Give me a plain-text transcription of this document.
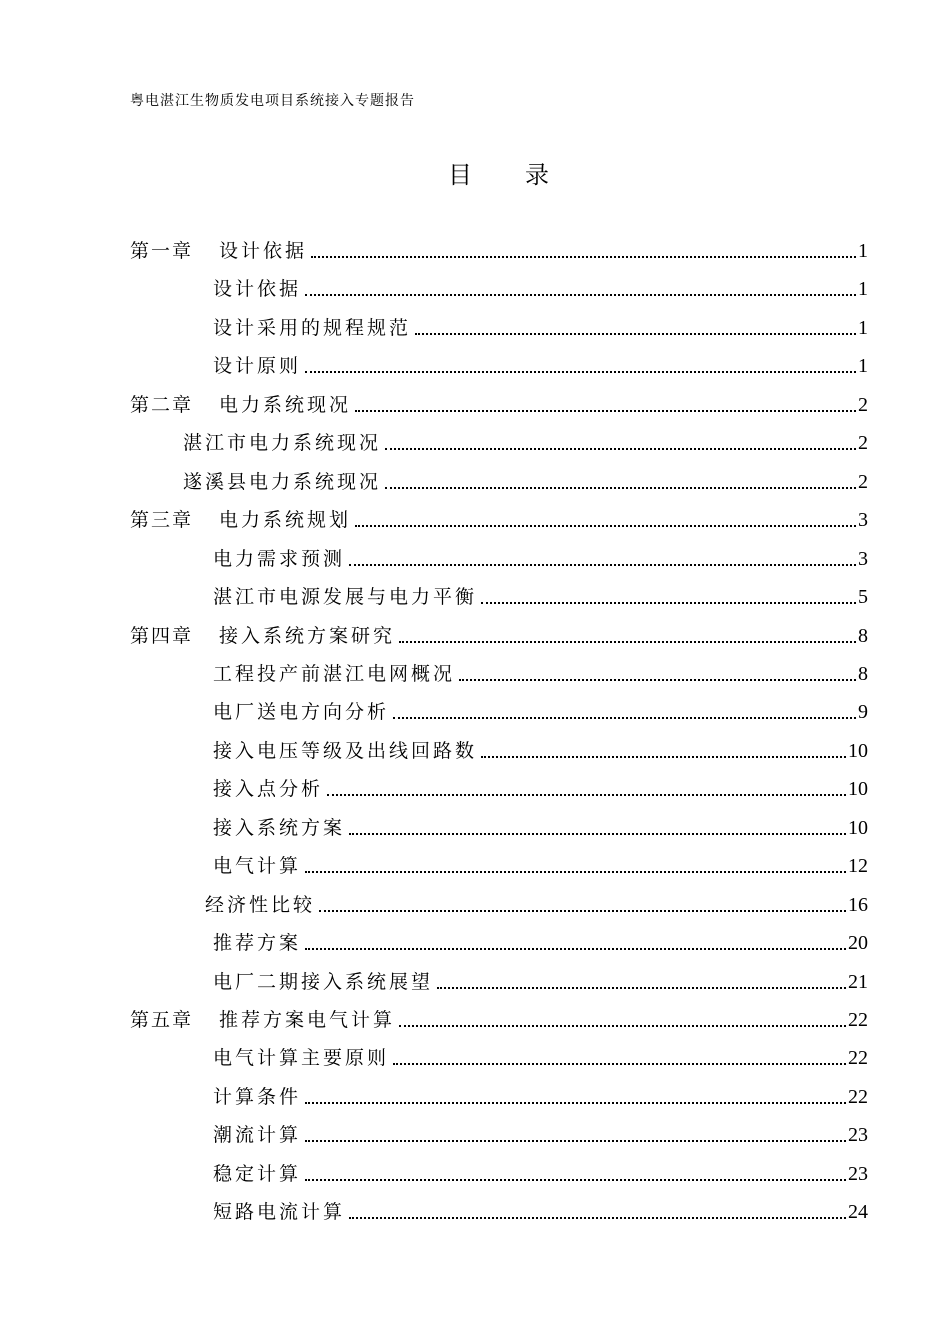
粤电湛江生物质发电项目系统接入专题报告
目 录
第一章 设计依据	1
设计依据	1
设计采用的规程规范	1
设计原则	1
第二章 电力系统现况	2
湛江市电力系统现况	2
遂溪县电力系统现况	2
第三章 电力系统规划	3
电力需求预测	3
湛江市电源发展与电力平衡	5
第四章 接入系统方案研究	8
工程投产前湛江电网概况	8
电厂送电方向分析	9
接入电压等级及出线回路数	10
接入点分析	10
接入系统方案	10
电气计算	12
经济性比较	16
推荐方案	20
电厂二期接入系统展望	21
第五章 推荐方案电气计算	22
电气计算主要原则	22
计算条件	22
潮流计算	23
稳定计算	23
短路电流计算	24
